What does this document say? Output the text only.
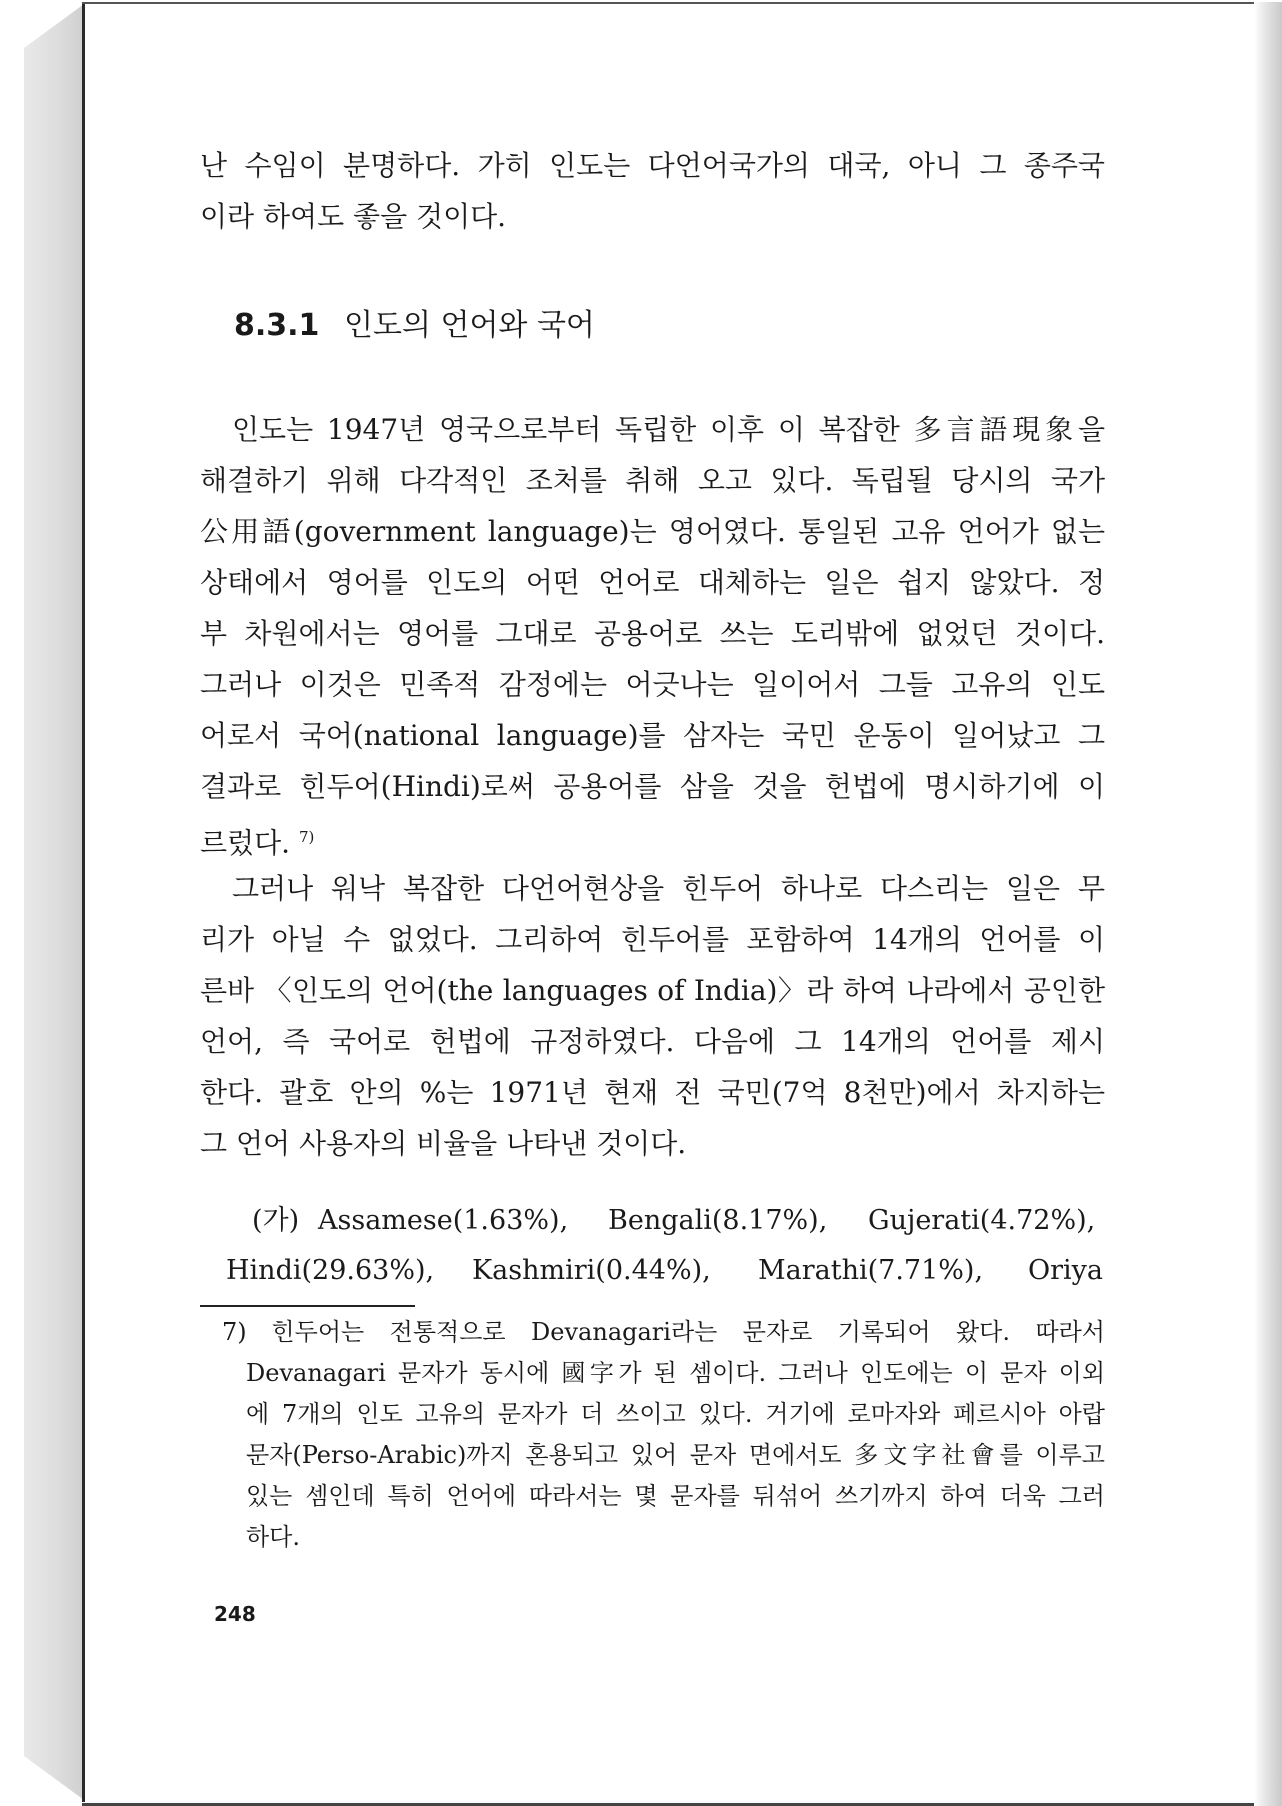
난 수임이 분명하다. 가히 인도는 다언어국가의 대국, 아니 그 종주국

이라 하여도 좋을 것이다.

8.3.1 인도의 언어와 국어

인도는 1947년 영국으로부터 독립한 이후 이 복잡한 多言語現象을

해결하기 위해 다각적인 조처를 취해 오고 있다. 독립될 당시의 국가

公用語(government language)는 영어였다. 통일된 고유 언어가 없는

상태에서 영어를 인도의 어떤 언어로 대체하는 일은 쉽지 않았다. 정

부 차원에서는 영어를 그대로 공용어로 쓰는 도리밖에 없었던 것이다.

그러나 이것은 민족적 감정에는 어긋나는 일이어서 그들 고유의 인도

어로서 국어(national language)를 삼자는 국민 운동이 일어났고 그

결과로 힌두어(Hindi)로써 공용어를 삼을 것을 헌법에 명시하기에 이

르렀다. $^{7)}$

그러나 워낙 복잡한 다언어현상을 힌두어 하나로 다스리는 일은 무

리가 아닐 수 없었다. 그리하여 힌두어를 포함하여 14개의 언어를 이

른바 〈인도의 언어(the languages of India)〉라 하여 나라에서 공인한

언어, 즉 국어로 헌법에 규정하였다. 다음에 그 14개의 언어를 제시

한다. 괄호 안의 %는 1971년 현재 전 국민(7억 8천만)에서 차지하는

그 언어 사용자의 비율을 나타낸 것이다.

(가) Assamese(1.63%), Bengali(8.17%), Gujerati(4.72%),
Hindi(29.63%), Kashmiri(0.44%), Marathi(7.71%), Oriya

7) 힌두어는 전통적으로 Devanagari라는 문자로 기록되어 왔다. 따라서

Devanagari 문자가 동시에 國字가 된 셈이다. 그러나 인도에는 이 문자 이외

에 7개의 인도 고유의 문자가 더 쓰이고 있다. 거기에 로마자와 페르시아 아랍

문자(Perso-Arabic)까지 혼용되고 있어 문자 면에서도 多文字社會를 이루고

있는 셈인데 특히 언어에 따라서는 몇 문자를 뒤섞어 쓰기까지 하여 더욱 그러

하다.

248
